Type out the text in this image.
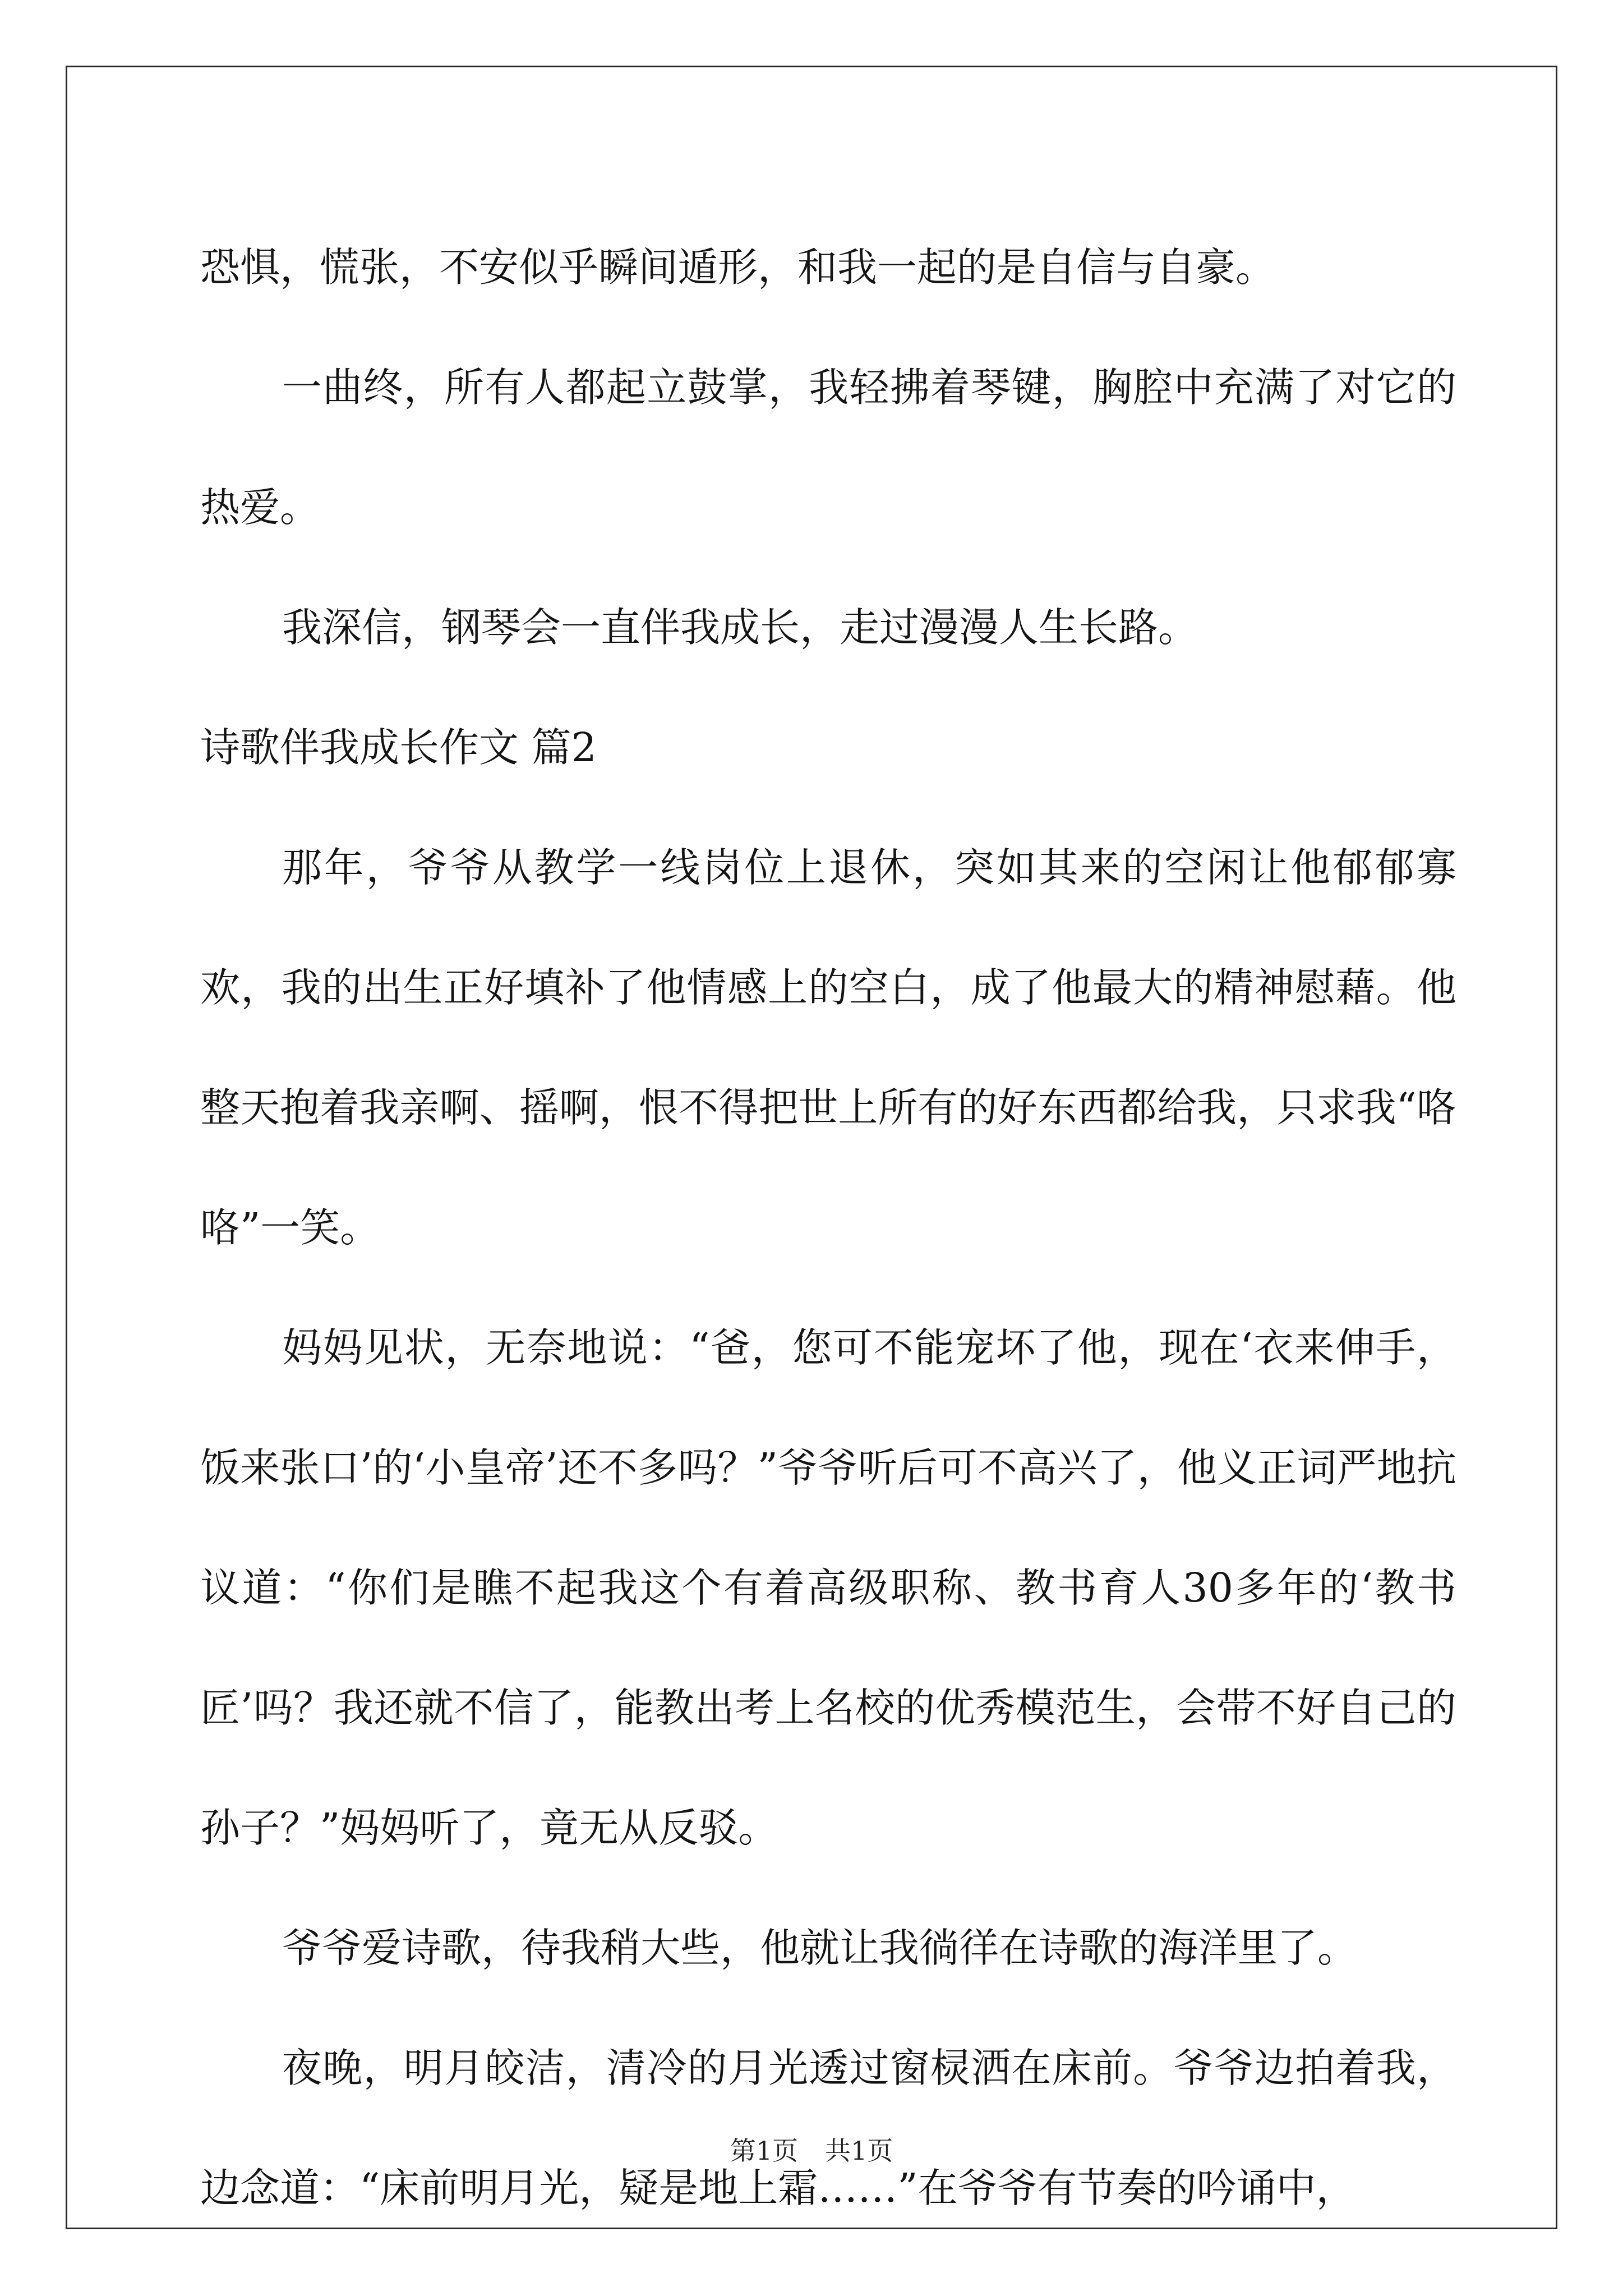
恐惧，慌张，不安似乎瞬间遁形，和我一起的是自信与自豪。

一曲终，所有人都起立鼓掌，我轻拂着琴键，胸腔中充满了对它的热爱。

我深信，钢琴会一直伴我成长，走过漫漫人生长路。

诗歌伴我成长作文 篇2

那年，爷爷从教学一线岗位上退休，突如其来的空闲让他郁郁寡欢，我的出生正好填补了他情感上的空白，成了他最大的精神慰藉。他整天抱着我亲啊、摇啊，恨不得把世上所有的好东西都给我，只求我“咯咯”一笑。

妈妈见状，无奈地说：“爸，您可不能宠坏了他，现在‘衣来伸手，饭来张口’的‘小皇帝’还不多吗？”爷爷听后可不高兴了，他义正词严地抗议道：“你们是瞧不起我这个有着高级职称、教书育人30多年的‘教书匠’吗？我还就不信了，能教出考上名校的优秀模范生，会带不好自己的孙子？”妈妈听了，竟无从反驳。

爷爷爱诗歌，待我稍大些，他就让我徜徉在诗歌的海洋里了。

夜晚，明月皎洁，清冷的月光透过窗棂洒在床前。爷爷边拍着我，边念道：“床前明月光，疑是地上霜……”在爷爷有节奏的吟诵中，

第1页 共1页
